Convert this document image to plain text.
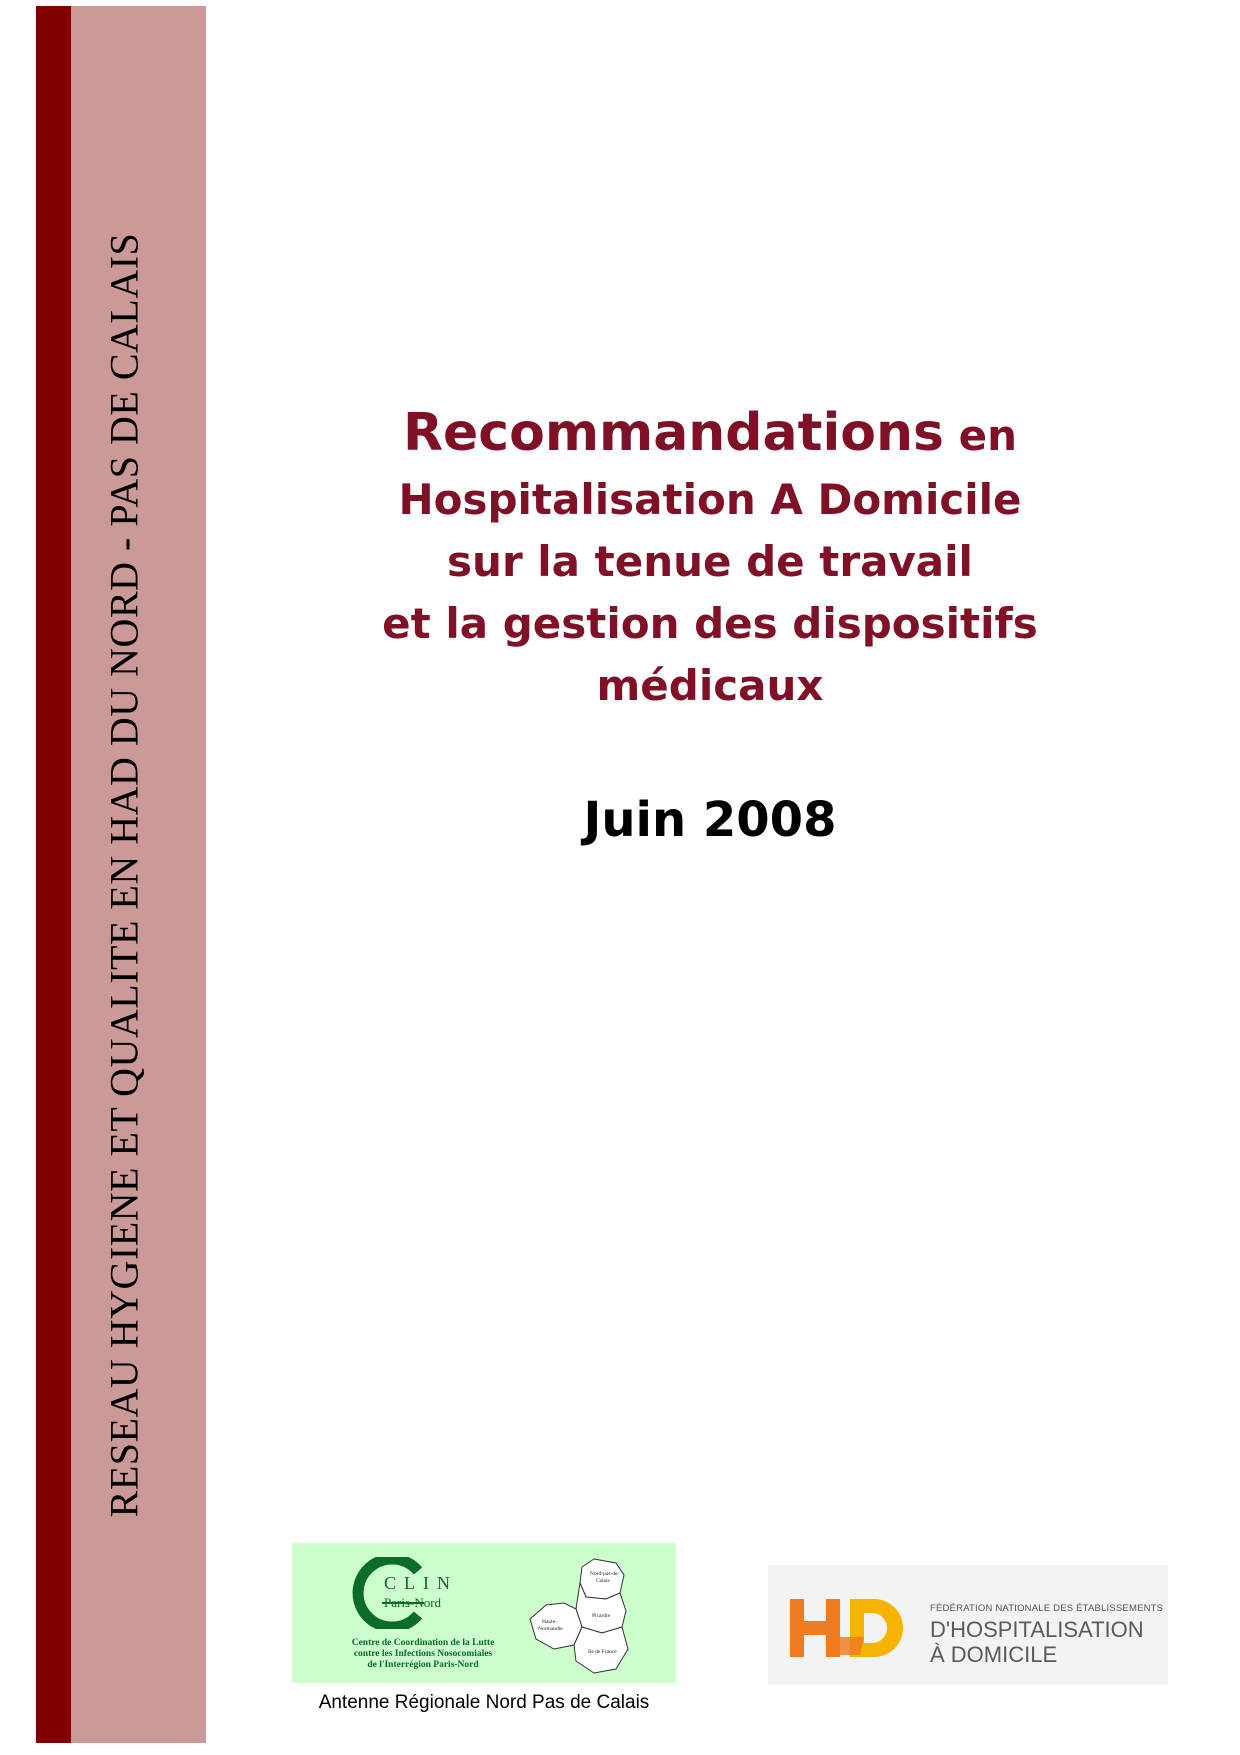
RESEAU HYGIENE ET QUALITE EN HAD DU NORD - PAS DE CALAIS	Recommandations en
Hospitalisation A Domicile
sur la tenue de travail
et la gestion des dispositifs
médicaux
Juin 2008
CLIN
Paris-Nord
Centre de Coordination de la Lutte
contre les Infections Nosocomiales
de l'Interrégion Paris-Nord
Nord-pas-de-
Calais
Haute-
Normandie
Picardie
Ile de France
Antenne Régionale Nord Pas de Calais
FÉDÉRATION NATIONALE DES ÉTABLISSEMENTS
D'HOSPITALISATION
À DOMICILE
